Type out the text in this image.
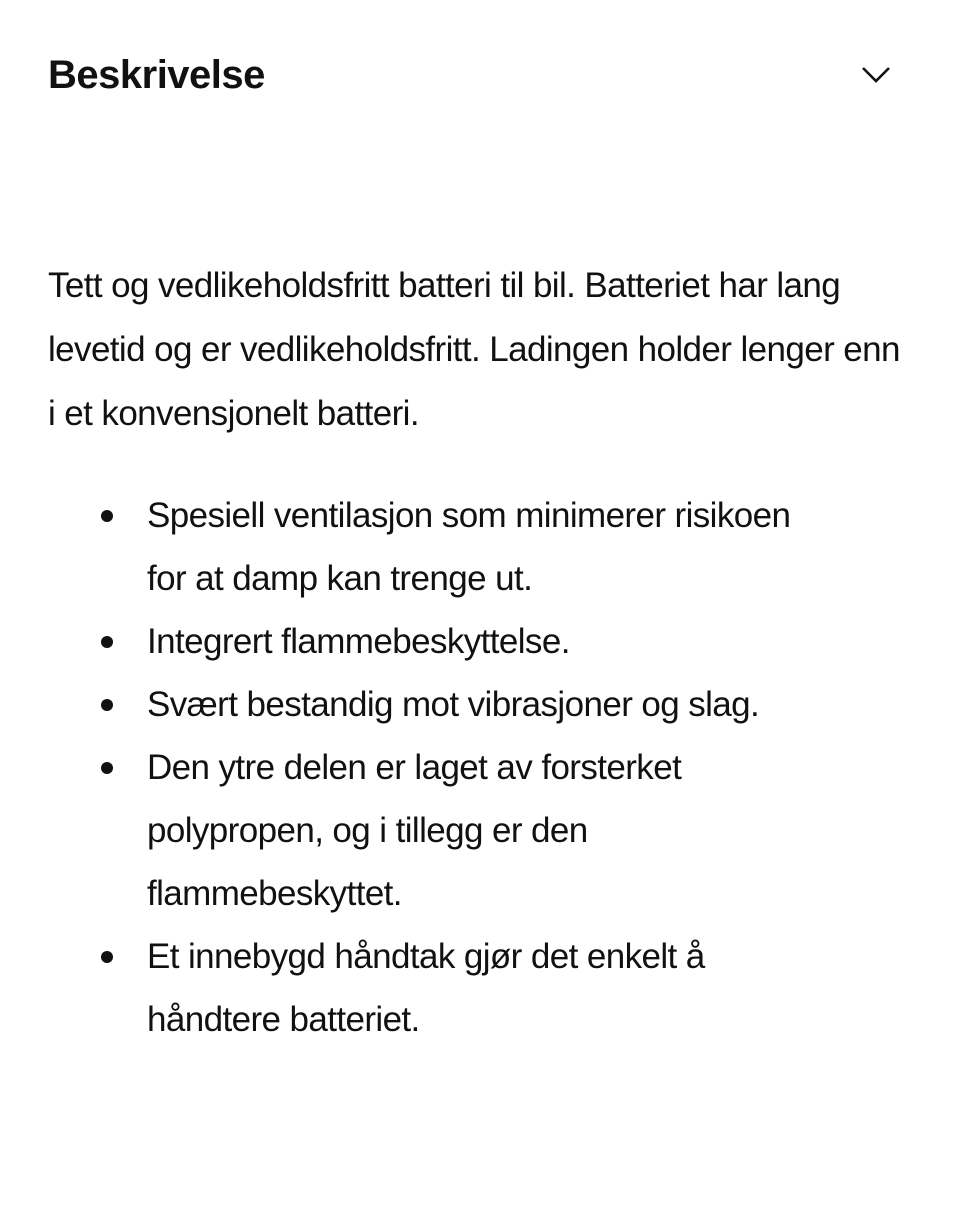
Beskrivelse

Tett og vedlikeholdsfritt batteri til bil. Batteriet har lang levetid og er vedlikeholdsfritt. Ladingen holder lenger enn i et konvensjonelt batteri.

Spesiell ventilasjon som minimerer risikoen for at damp kan trenge ut.
Integrert flammebeskyttelse.
Svært bestandig mot vibrasjoner og slag.
Den ytre delen er laget av forsterket polypropen, og i tillegg er den flammebeskyttet.
Et innebygd håndtak gjør det enkelt å håndtere batteriet.
